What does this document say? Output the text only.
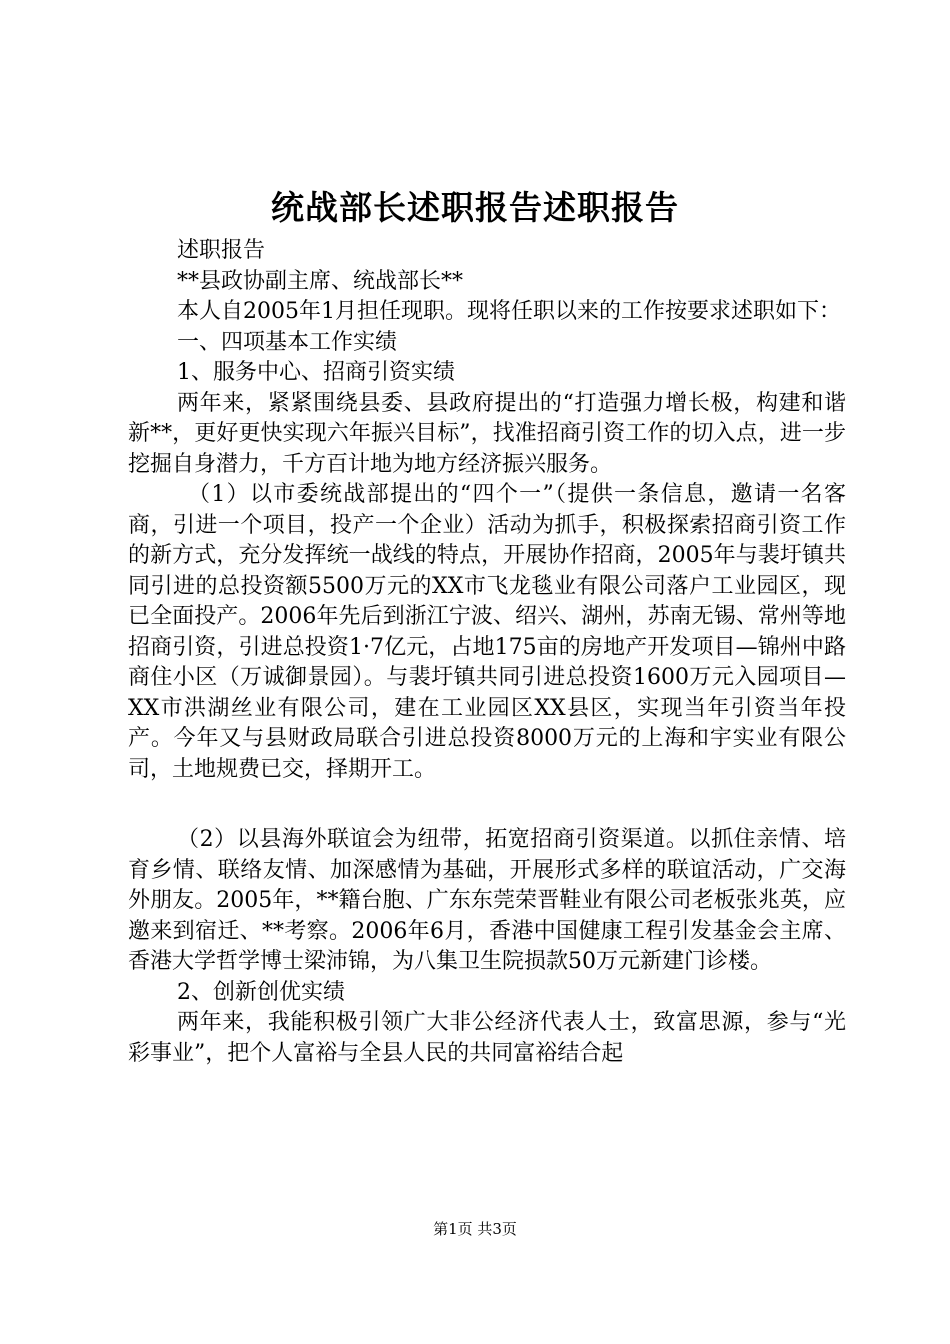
统战部长述职报告述职报告

述职报告

**县政协副主席、统战部长**

本人自2005年1月担任现职。现将任职以来的工作按要求述职如下：

一、四项基本工作实绩

1、服务中心、招商引资实绩

两年来，紧紧围绕县委、县政府提出的“打造强力增长极，构建和谐新**，更好更快实现六年振兴目标”，找准招商引资工作的切入点，进一步挖掘自身潜力，千方百计地为地方经济振兴服务。

（1）以市委统战部提出的“四个一”（提供一条信息，邀请一名客商，引进一个项目，投产一个企业）活动为抓手，积极探索招商引资工作的新方式，充分发挥统一战线的特点，开展协作招商，2005年与裴圩镇共同引进的总投资额5500万元的XX市飞龙毯业有限公司落户工业园区，现已全面投产。2006年先后到浙江宁波、绍兴、湖州，苏南无锡、常州等地招商引资，引进总投资1·7亿元，占地175亩的房地产开发项目—锦州中路商住小区（万诚御景园）。与裴圩镇共同引进总投资1600万元入园项目—XX市洪湖丝业有限公司，建在工业园区XX县区，实现当年引资当年投产。今年又与县财政局联合引进总投资8000万元的上海和宇实业有限公司，土地规费已交，择期开工。

（2）以县海外联谊会为纽带，拓宽招商引资渠道。以抓住亲情、培育乡情、联络友情、加深感情为基础，开展形式多样的联谊活动，广交海外朋友。2005年，**籍台胞、广东东莞荣晋鞋业有限公司老板张兆英，应邀来到宿迁、**考察。2006年6月，香港中国健康工程引发基金会主席、香港大学哲学博士梁沛锦，为八集卫生院损款50万元新建门诊楼。

2、创新创优实绩

两年来，我能积极引领广大非公经济代表人士，致富思源，参与“光彩事业”，把个人富裕与全县人民的共同富裕结合起

第1页 共3页
